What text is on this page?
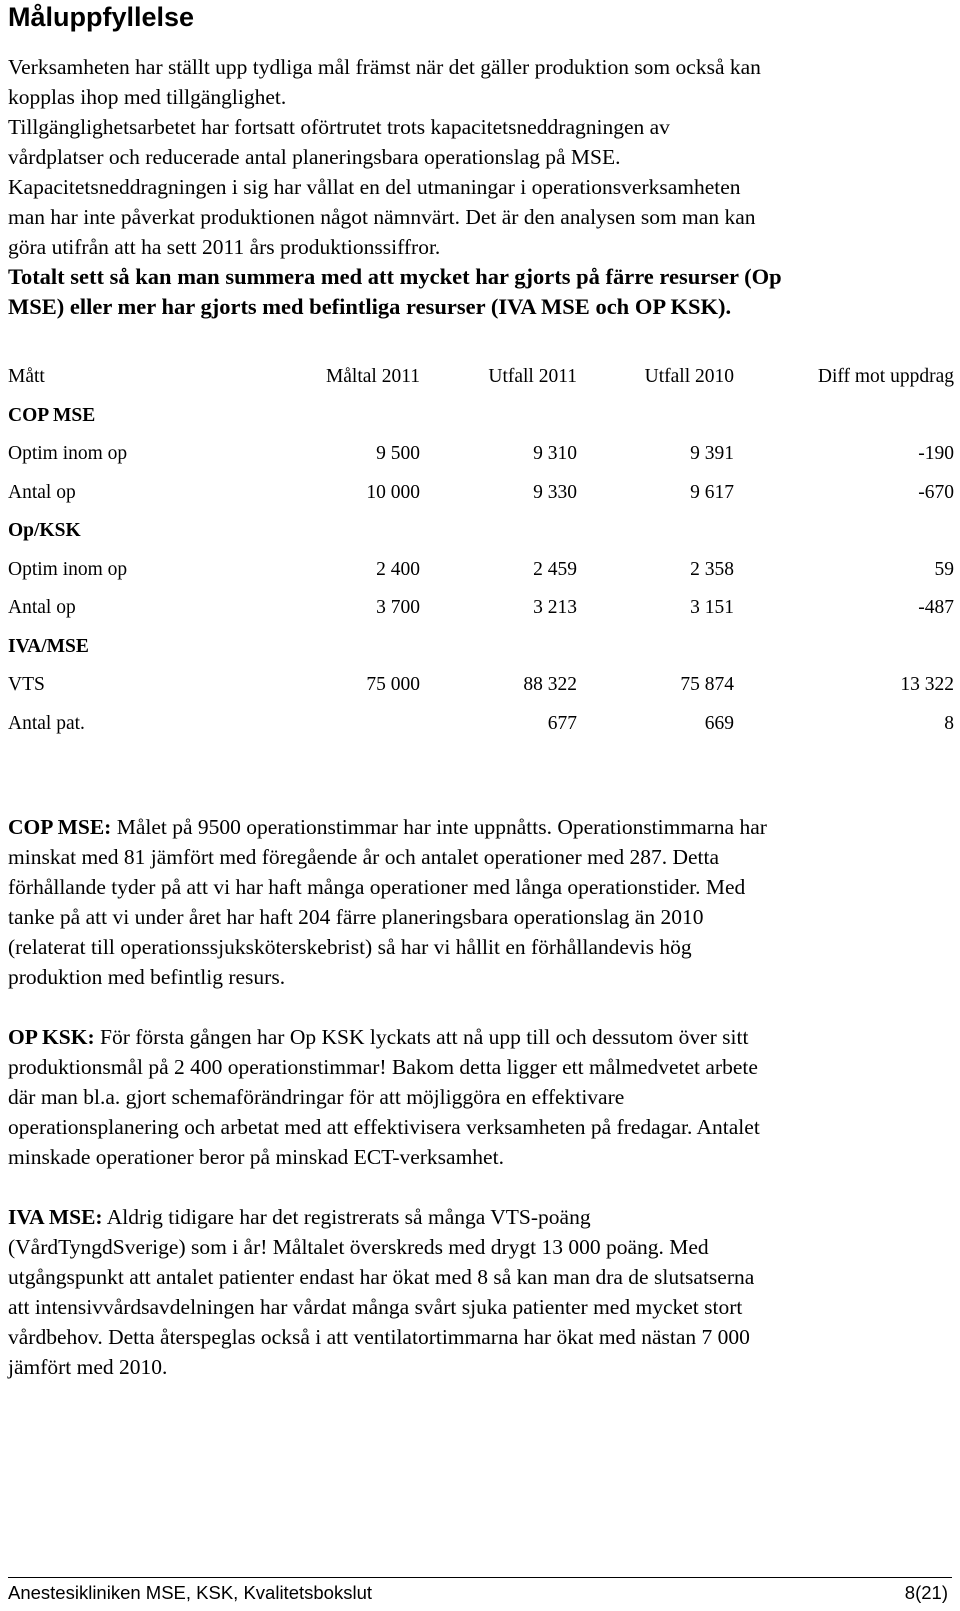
Måluppfyllelse
Verksamheten har ställt upp tydliga mål främst när det gäller produktion som också kan
kopplas ihop med tillgänglighet.
Tillgänglighetsarbetet har fortsatt oförtrutet trots kapacitetsneddragningen av
vårdplatser och reducerade antal planeringsbara operationslag på MSE.
Kapacitetsneddragningen i sig har vållat en del utmaningar i operationsverksamheten
man har inte påverkat produktionen något nämnvärt. Det är den analysen som man kan
göra utifrån att ha sett 2011 års produktionssiffror.
Totalt sett så kan man summera med att mycket har gjorts på färre resurser (Op
MSE) eller mer har gjorts med befintliga resurser (IVA MSE och OP KSK).
Mått	Måltal 2011	Utfall 2011	Utfall 2010	Diff mot uppdrag
COP MSE				
Optim inom op	9 500	9 310	9 391	-190
Antal op	10 000	9 330	9 617	-670
Op/KSK				
Optim inom op	2 400	2 459	2 358	59
Antal op	3 700	3 213	3 151	-487
IVA/MSE				
VTS	75 000	88 322	75 874	13 322
Antal pat.		677	669	8
COP MSE: Målet på 9500 operationstimmar har inte uppnåtts. Operationstimmarna har
minskat med 81 jämfört med föregående år och antalet operationer med 287. Detta
förhållande tyder på att vi har haft många operationer med långa operationstider. Med
tanke på att vi under året har haft 204 färre planeringsbara operationslag än 2010
(relaterat till operationssjuksköterskebrist) så har vi hållit en förhållandevis hög
produktion med befintlig resurs.
OP KSK: För första gången har Op KSK lyckats att nå upp till och dessutom över sitt
produktionsmål på 2 400 operationstimmar! Bakom detta ligger ett målmedvetet arbete
där man bl.a. gjort schemaförändringar för att möjliggöra en effektivare
operationsplanering och arbetat med att effektivisera verksamheten på fredagar. Antalet
minskade operationer beror på minskad ECT-verksamhet.
IVA MSE: Aldrig tidigare har det registrerats så många VTS-poäng
(VårdTyngdSverige) som i år! Måltalet överskreds med drygt 13 000 poäng. Med
utgångspunkt att antalet patienter endast har ökat med 8 så kan man dra de slutsatserna
att intensivvårdsavdelningen har vårdat många svårt sjuka patienter med mycket stort
vårdbehov. Detta återspeglas också i att ventilatortimmarna har ökat med nästan 7 000
jämfört med 2010.
Anestesikliniken MSE, KSK, Kvalitetsbokslut	8(21)
